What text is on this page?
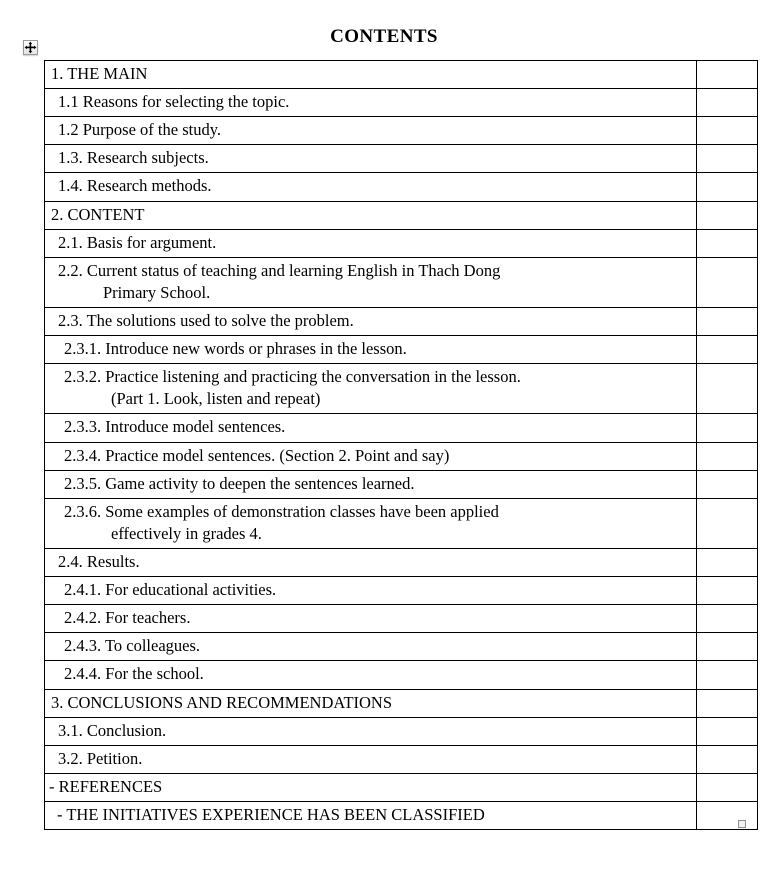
CONTENTS
1. THE MAIN	

1.1 Reasons for selecting the topic.	

1.2 Purpose of the study.	

1.3. Research subjects.	

1.4. Research methods.	

2. CONTENT	

2.1. Basis for argument.	

2.2. Current status of teaching and learning English in Thach Dong
Primary School.	

2.3. The solutions used to solve the problem.	

2.3.1. Introduce new words or phrases in the lesson.	

2.3.2. Practice listening and practicing the conversation in the lesson.
(Part 1. Look, listen and repeat)	

2.3.3. Introduce model sentences.	

2.3.4. Practice model sentences. (Section 2. Point and say)	

2.3.5. Game activity to deepen the sentences learned.	

2.3.6. Some examples of demonstration classes have been applied
effectively in grades 4.	

2.4. Results.	

2.4.1. For educational activities.	

2.4.2. For teachers.	

2.4.3. To colleagues.	

2.4.4. For the school.	

3. CONCLUSIONS AND RECOMMENDATIONS	

3.1. Conclusion.	

3.2. Petition.	

- REFERENCES	

- THE INITIATIVES EXPERIENCE HAS BEEN CLASSIFIED	
